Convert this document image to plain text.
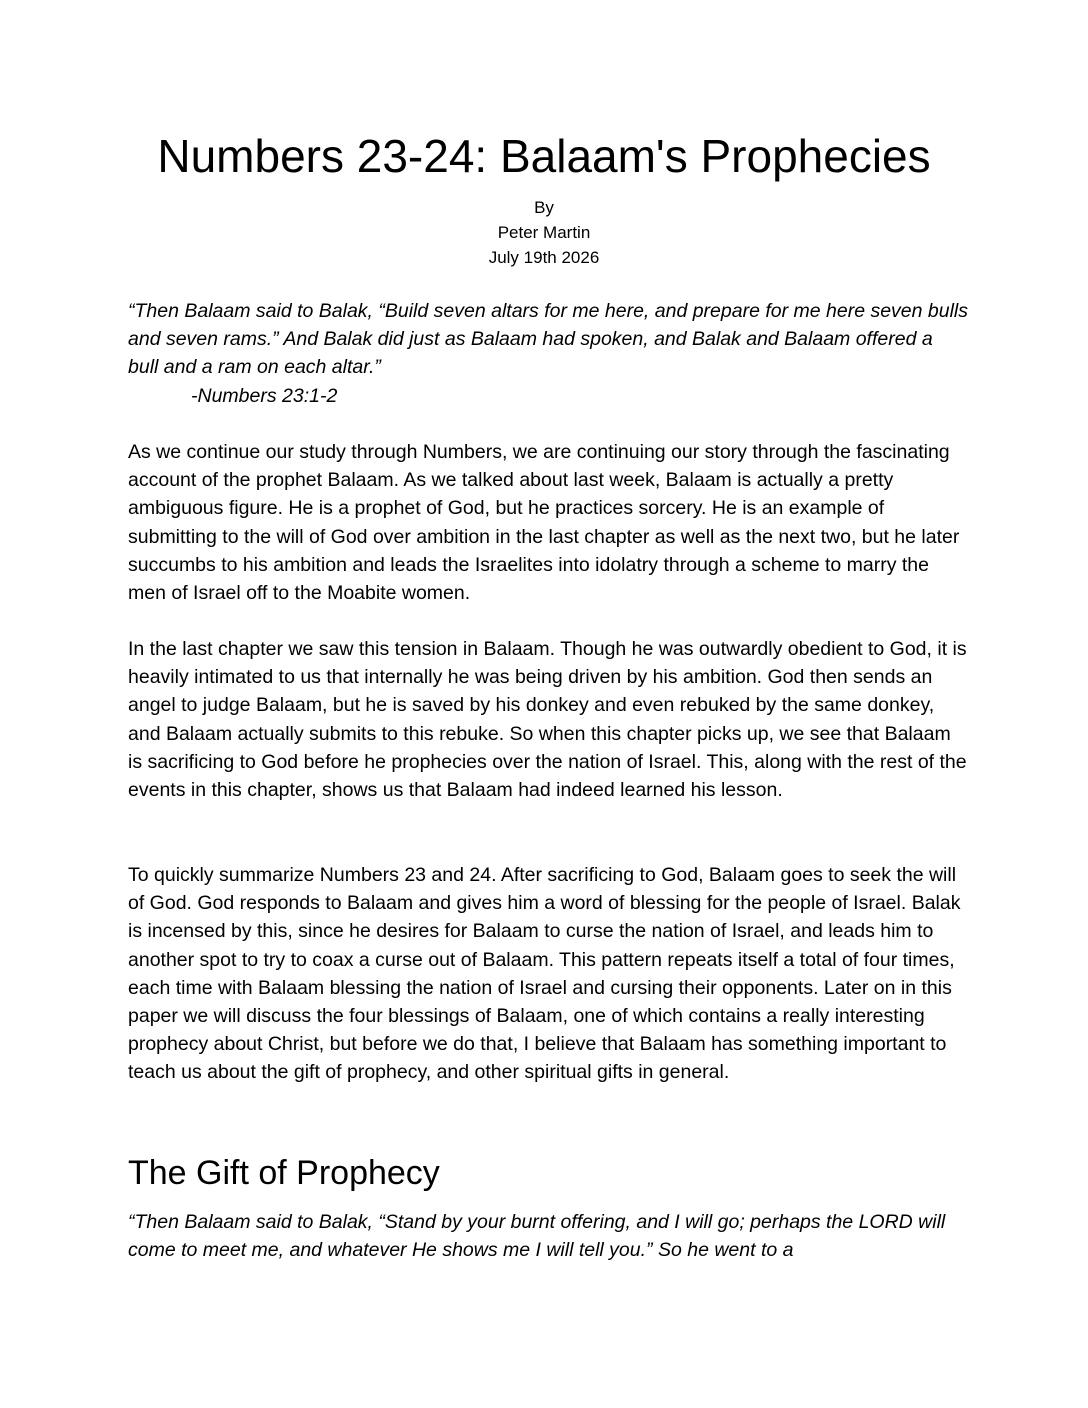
Numbers 23-24: Balaam's Prophecies
By
Peter Martin
July 19th 2026

“Then Balaam said to Balak, “Build seven altars for me here, and prepare for me here seven bulls and seven rams.” And Balak did just as Balaam had spoken, and Balak and Balaam offered a bull and a ram on each altar.”

-Numbers 23:1-2

As we continue our study through Numbers, we are continuing our story through the fascinating account of the prophet Balaam. As we talked about last week, Balaam is actually a pretty ambiguous figure. He is a prophet of God, but he practices sorcery. He is an example of submitting to the will of God over ambition in the last chapter as well as the next two, but he later succumbs to his ambition and leads the Israelites into idolatry through a scheme to marry the men of Israel off to the Moabite women.

In the last chapter we saw this tension in Balaam. Though he was outwardly obedient to God, it is heavily intimated to us that internally he was being driven by his ambition. God then sends an angel to judge Balaam, but he is saved by his donkey and even rebuked by the same donkey, and Balaam actually submits to this rebuke. So when this chapter picks up, we see that Balaam is sacrificing to God before he prophecies over the nation of Israel. This, along with the rest of the events in this chapter, shows us that Balaam had indeed learned his lesson.

To quickly summarize Numbers 23 and 24. After sacrificing to God, Balaam goes to seek the will of God. God responds to Balaam and gives him a word of blessing for the people of Israel. Balak is incensed by this, since he desires for Balaam to curse the nation of Israel, and leads him to another spot to try to coax a curse out of Balaam. This pattern repeats itself a total of four times, each time with Balaam blessing the nation of Israel and cursing their opponents. Later on in this paper we will discuss the four blessings of Balaam, one of which contains a really interesting prophecy about Christ, but before we do that, I believe that Balaam has something important to teach us about the gift of prophecy, and other spiritual gifts in general.

The Gift of Prophecy

“Then Balaam said to Balak, “Stand by your burnt offering, and I will go; perhaps the LORD will come to meet me, and whatever He shows me I will tell you.” So he went to a
